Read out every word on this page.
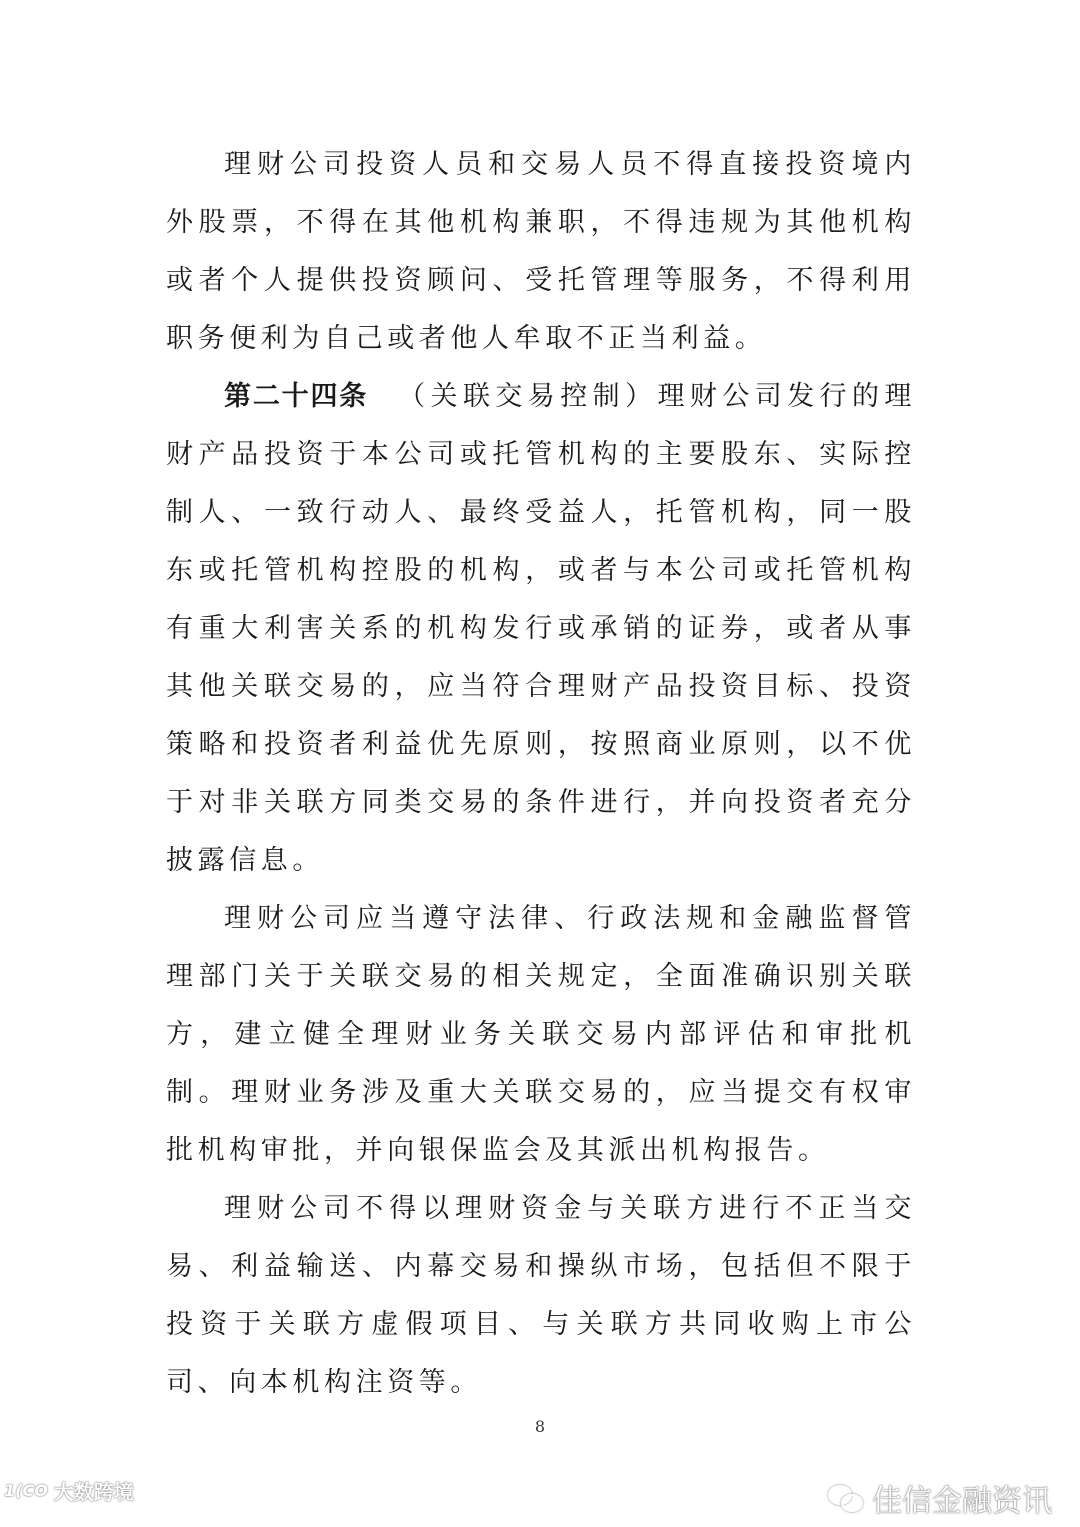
理财公司投资人员和交易人员不得直接投资境内外股票，不得在其他机构兼职，不得违规为其他机构或者个人提供投资顾问、受托管理等服务，不得利用职务便利为自己或者他人牟取不正当利益。

第二十四条 （关联交易控制）理财公司发行的理财产品投资于本公司或托管机构的主要股东、实际控制人、一致行动人、最终受益人，托管机构，同一股东或托管机构控股的机构，或者与本公司或托管机构有重大利害关系的机构发行或承销的证券，或者从事其他关联交易的，应当符合理财产品投资目标、投资策略和投资者利益优先原则，按照商业原则，以不优于对非关联方同类交易的条件进行，并向投资者充分披露信息。

理财公司应当遵守法律、行政法规和金融监督管理部门关于关联交易的相关规定，全面准确识别关联方，建立健全理财业务关联交易内部评估和审批机制。理财业务涉及重大关联交易的，应当提交有权审批机构审批，并向银保监会及其派出机构报告。

理财公司不得以理财资金与关联方进行不正当交易、利益输送、内幕交易和操纵市场，包括但不限于投资于关联方虚假项目、与关联方共同收购上市公司、向本机构注资等。

8
1(CO 大数跨境	佳信金融资讯
